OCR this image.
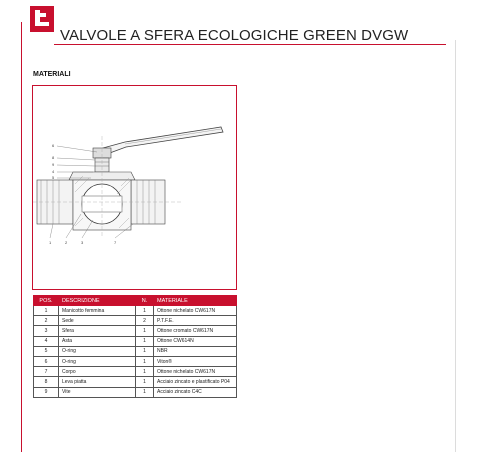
VALVOLE A SFERA ECOLOGICHE GREEN DVGW
MATERIALI
6
8
9
4
5
1	2	3	7
POS.	DESCRIZIONE	N.	MATERIALE
1	Manicotto femmina	1	Ottone nichelato CW617N
2	Sede	2	P.T.F.E.
3	Sfera	1	Ottone cromato CW617N
4	Asta	1	Ottone CW614N
5	O-ring	1	NBR
6	O-ring	1	Viton®
7	Corpo	1	Ottone nichelato CW617N
8	Leva piatta	1	Acciaio zincato e plastificato P04
9	Vite	1	Acciaio zincato C4C
